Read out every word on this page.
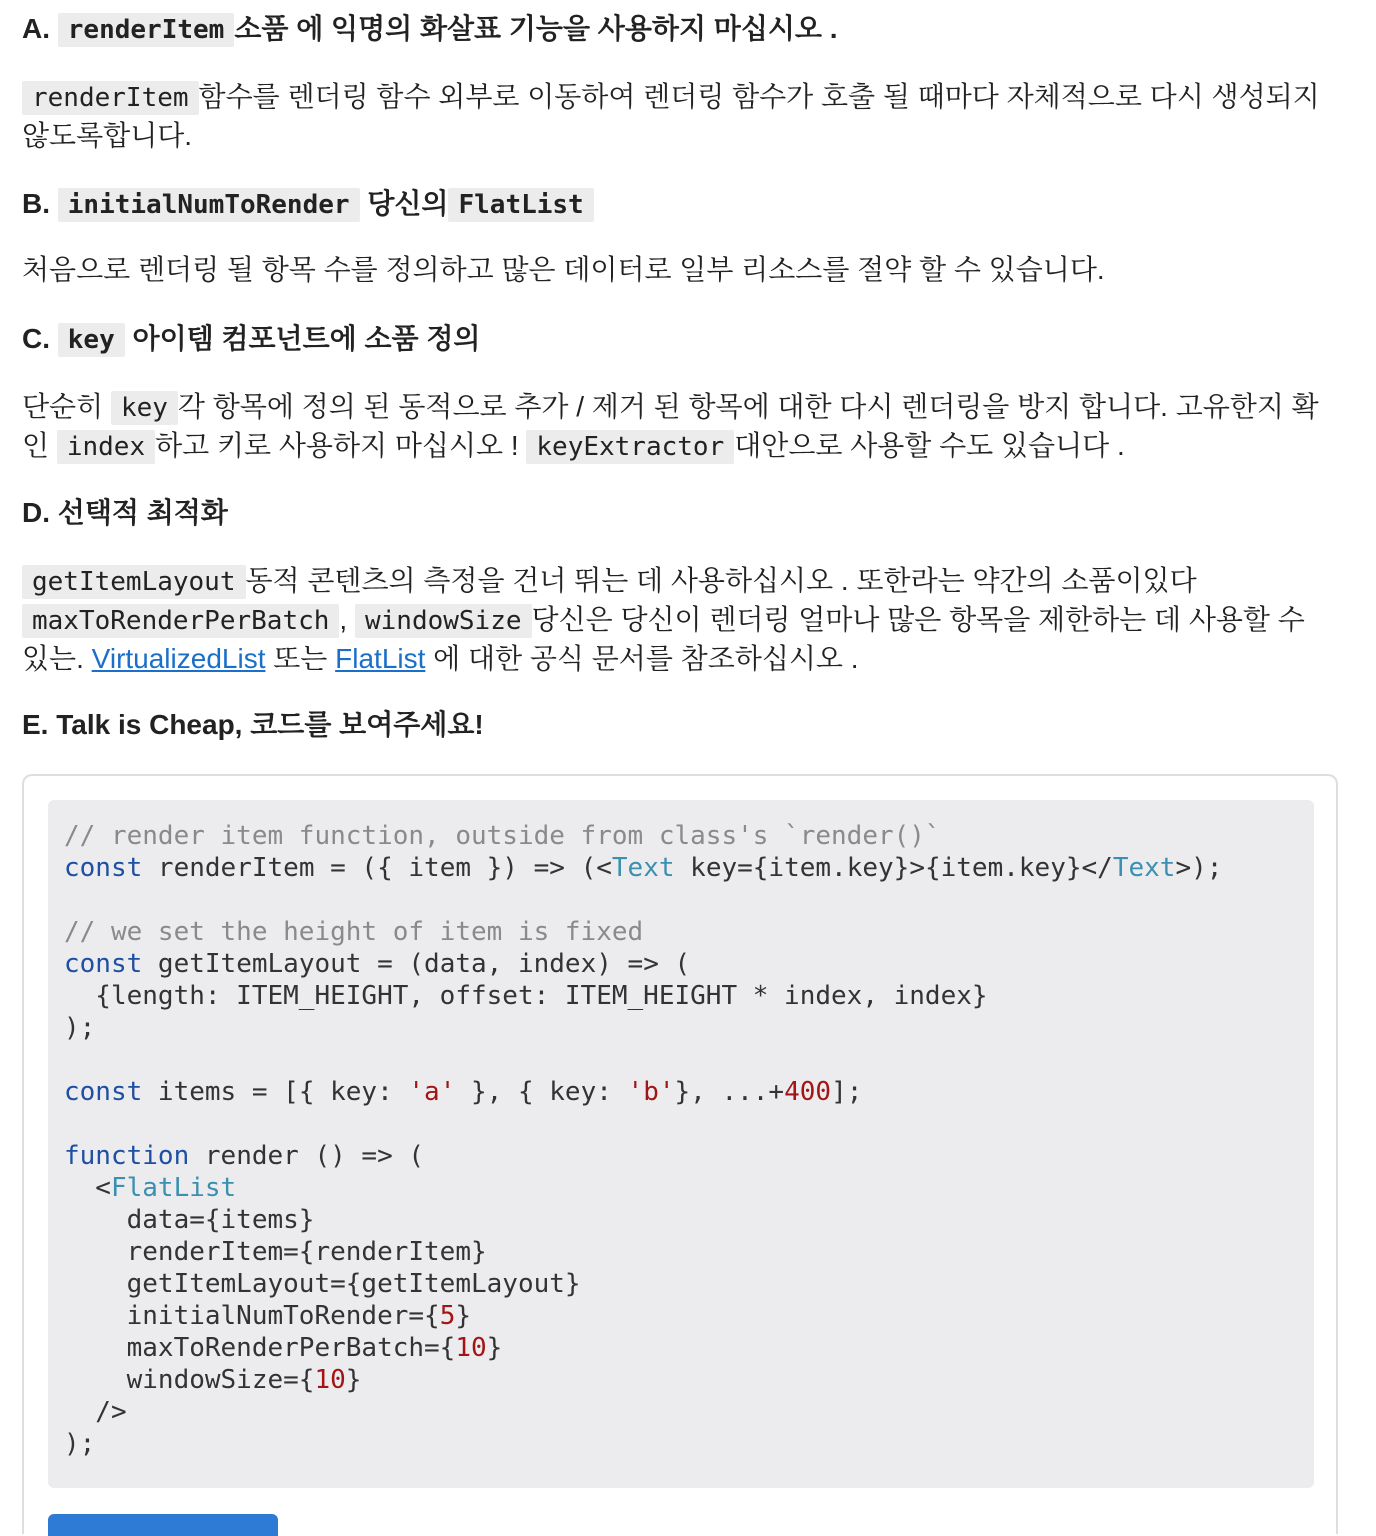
A. renderItem 소품 에 익명의 화살표 기능을 사용하지 마십시오 .

renderItem 함수를 렌더링 함수 외부로 이동하여 렌더링 함수가 호출 될 때마다 자체적으로 다시 생성되지 않도록합니다.

B. initialNumToRender 당신의 FlatList

처음으로 렌더링 될 항목 수를 정의하고 많은 데이터로 일부 리소스를 절약 할 수 있습니다.

C. key 아이템 컴포넌트에 소품 정의

단순히 key 각 항목에 정의 된 동적으로 추가 / 제거 된 항목에 대한 다시 렌더링을 방지 합니다. 고유한지 확인 index 하고 키로 사용하지 마십시오 ! keyExtractor 대안으로 사용할 수도 있습니다 .

D. 선택적 최적화

getItemLayout 동적 콘텐츠의 측정을 건너 뛰는 데 사용하십시오 . 또한라는 약간의 소품이있다 maxToRenderPerBatch , windowSize 당신은 당신이 렌더링 얼마나 많은 항목을 제한하는 데 사용할 수있는. VirtualizedList 또는 FlatList 에 대한 공식 문서를 참조하십시오 .

E. Talk is Cheap, 코드를 보여주세요!
// render item function, outside from class's `render()`
const renderItem = ({ item }) => (<Text key={item.key}>{item.key}</Text>);

// we set the height of item is fixed
const getItemLayout = (data, index) => (
{length: ITEM_HEIGHT, offset: ITEM_HEIGHT * index, index}
);

const items = [{ key: 'a' }, { key: 'b'}, ...+400];

function render () => (
<FlatList
data={items}
renderItem={renderItem}
getItemLayout={getItemLayout}
initialNumToRender={5}
maxToRenderPerBatch={10}
windowSize={10}
/>
);
